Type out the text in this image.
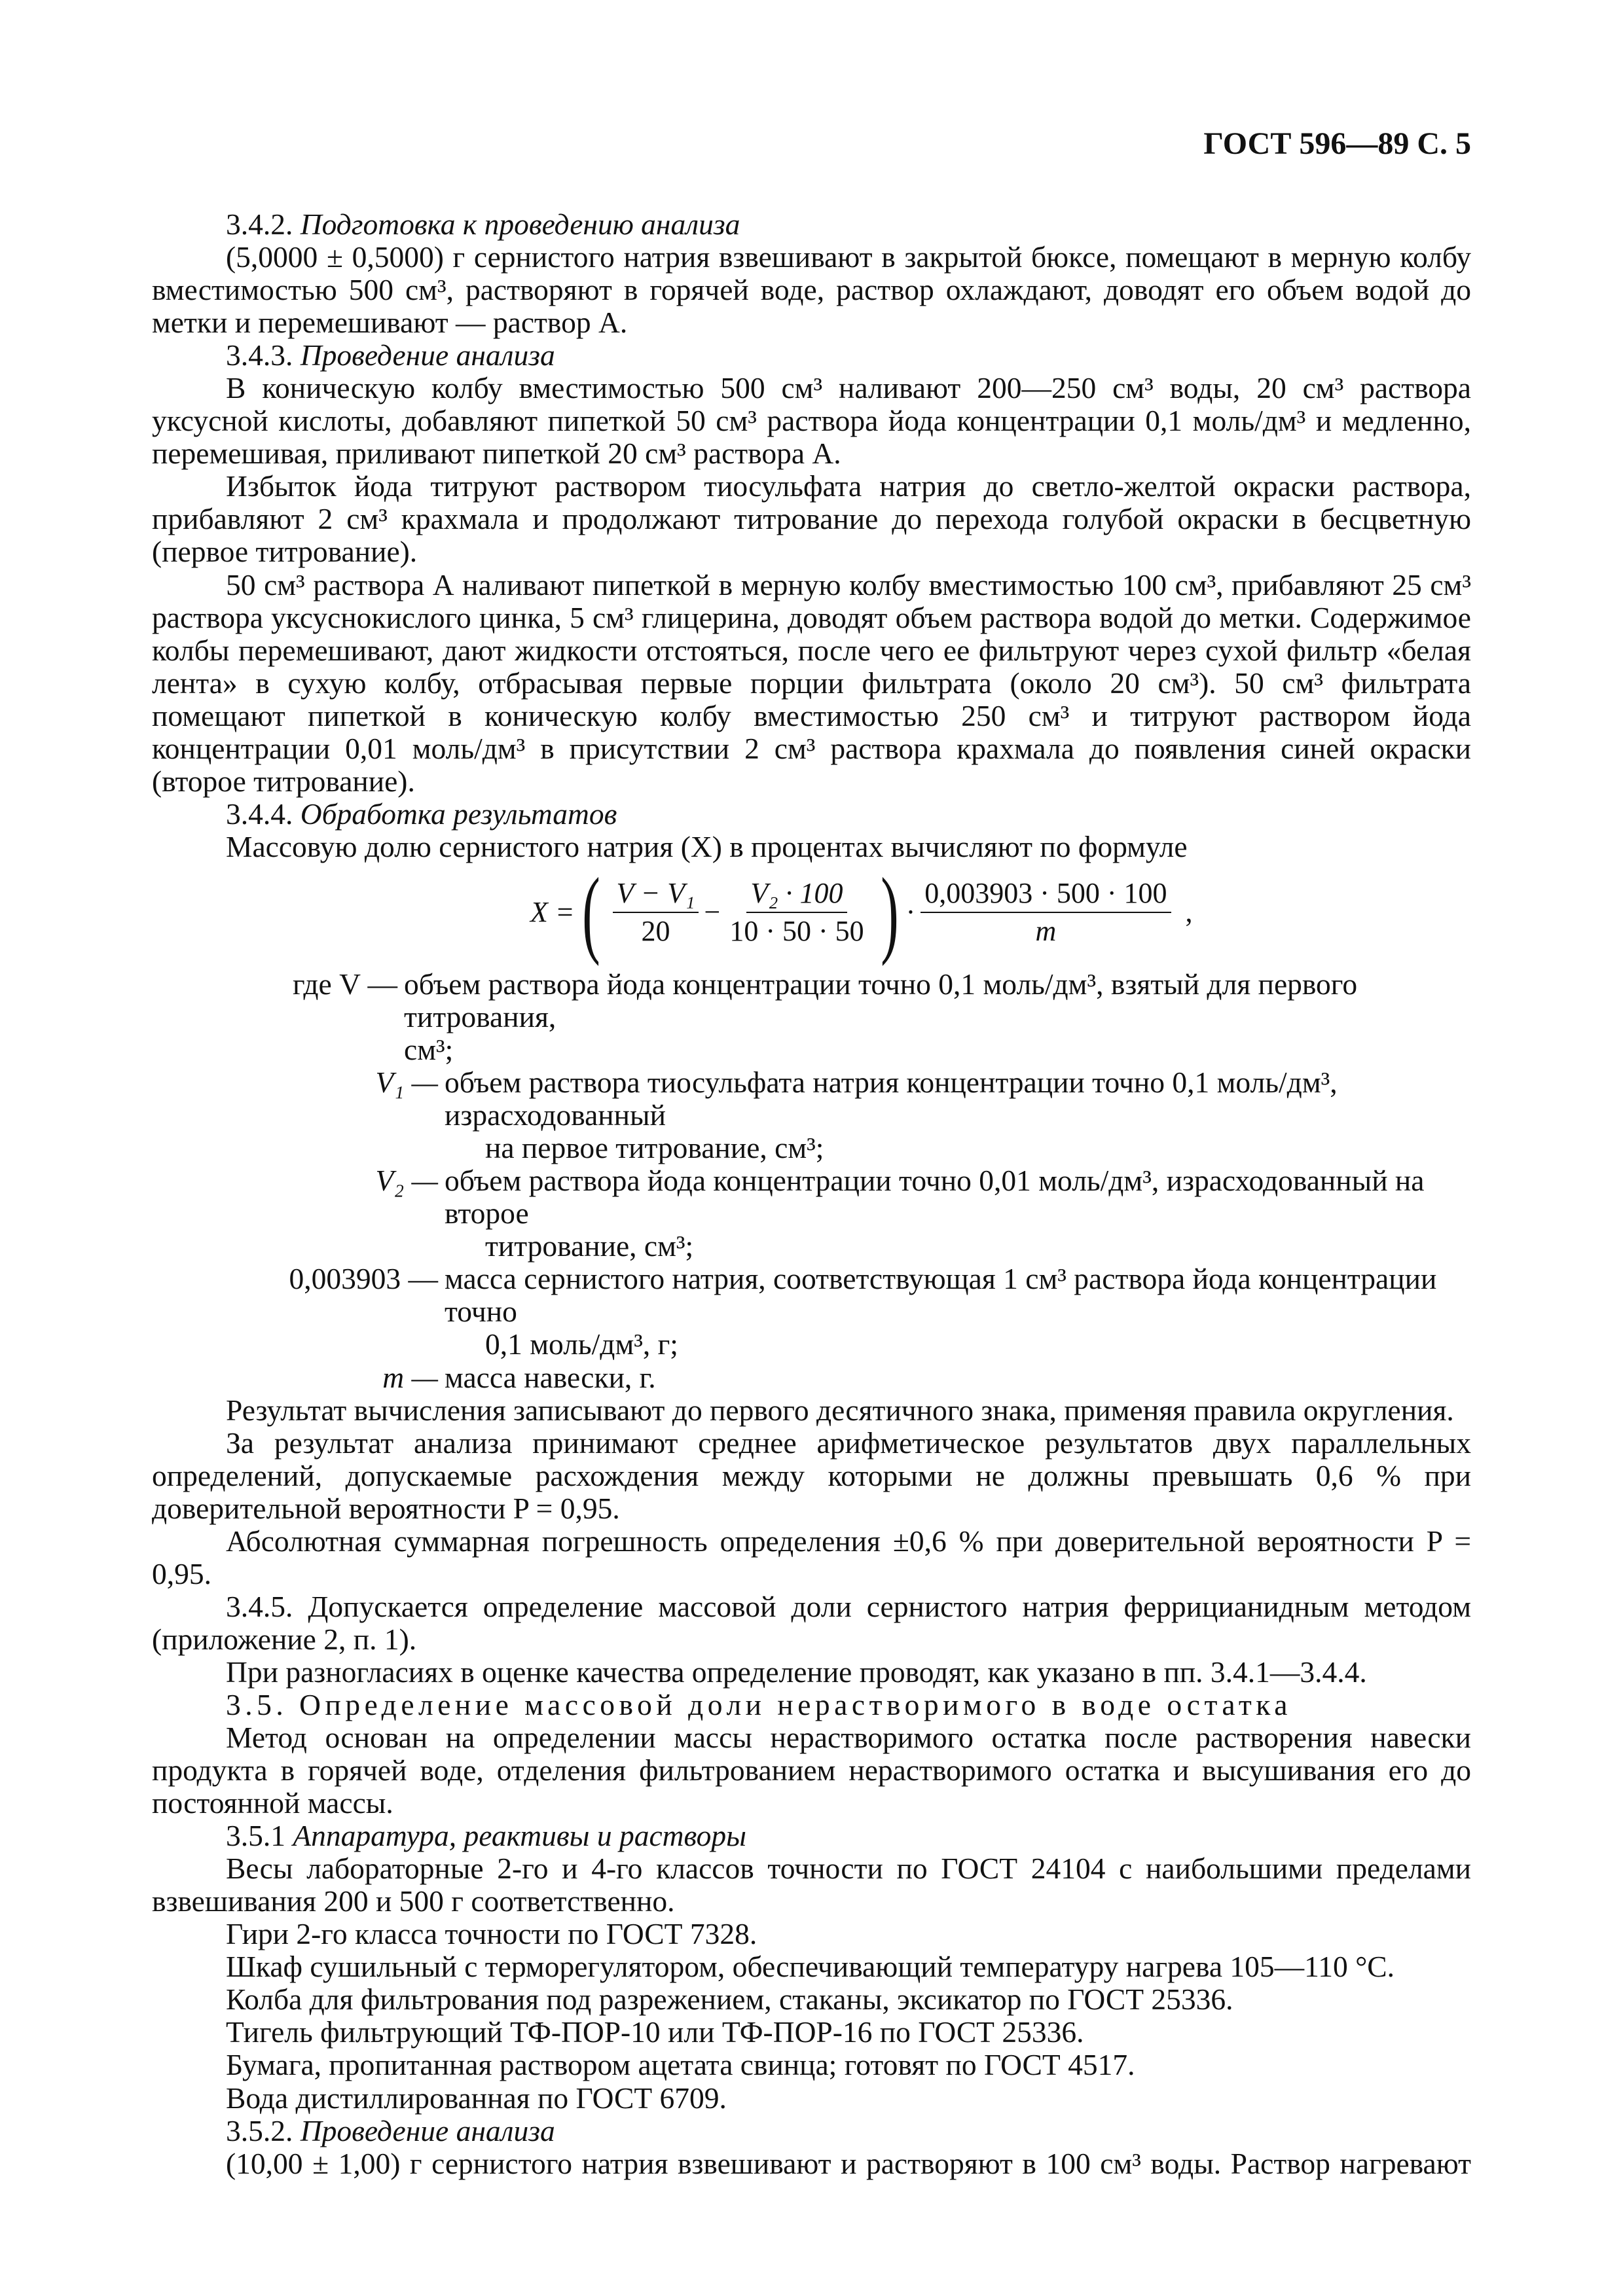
ГОСТ 596—89 С. 5

3.4.2. Подготовка к проведению анализа

(5,0000 ± 0,5000) г сернистого натрия взвешивают в закрытой бюксе, помещают в мерную колбу вместимостью 500 см³, растворяют в горячей воде, раствор охлаждают, доводят его объем водой до метки и перемешивают — раствор А.

3.4.3. Проведение анализа

В коническую колбу вместимостью 500 см³ наливают 200—250 см³ воды, 20 см³ раствора уксусной кислоты, добавляют пипеткой 50 см³ раствора йода концентрации 0,1 моль/дм³ и медленно, перемешивая, приливают пипеткой 20 см³ раствора А.

Избыток йода титруют раствором тиосульфата натрия до светло-желтой окраски раствора, прибавляют 2 см³ крахмала и продолжают титрование до перехода голубой окраски в бесцветную (первое титрование).

50 см³ раствора А наливают пипеткой в мерную колбу вместимостью 100 см³, прибавляют 25 см³ раствора уксуснокислого цинка, 5 см³ глицерина, доводят объем раствора водой до метки. Содержимое колбы перемешивают, дают жидкости отстояться, после чего ее фильтруют через сухой фильтр «белая лента» в сухую колбу, отбрасывая первые порции фильтрата (около 20 см³). 50 см³ фильтрата помещают пипеткой в коническую колбу вместимостью 250 см³ и титруют раствором йода концентрации 0,01 моль/дм³ в присутствии 2 см³ раствора крахмала до появления синей окраски (второе титрование).

3.4.4. Обработка результатов

Массовую долю сернистого натрия (X) в процентах вычисляют по формуле

X = ( $\frac{\text{V − V₁}}{20} - \frac{\text{V₂ · 100}}{10 \cdot 50 \cdot 50}$ ) · $\frac{0,003903 \cdot 500 \cdot 100}{m}$ ,
где V — объем раствора йода концентрации точно 0,1 моль/дм³, взятый для первого титрования,
см³;
V₁ — объем раствора тиосульфата натрия концентрации точно 0,1 моль/дм³, израсходованный
на первое титрование, см³;
V₂ — объем раствора йода концентрации точно 0,01 моль/дм³, израсходованный на второе
титрование, см³;
0,003903 — масса сернистого натрия, соответствующая 1 см³ раствора йода концентрации точно
0,1 моль/дм³, г;
m — масса навески, г.

Результат вычисления записывают до первого десятичного знака, применяя правила округления.

За результат анализа принимают среднее арифметическое результатов двух параллельных определений, допускаемые расхождения между которыми не должны превышать 0,6 % при доверительной вероятности P = 0,95.

Абсолютная суммарная погрешность определения ±0,6 % при доверительной вероятности P = 0,95.

3.4.5. Допускается определение массовой доли сернистого натрия феррицианидным методом (приложение 2, п. 1).

При разногласиях в оценке качества определение проводят, как указано в пп. 3.4.1—3.4.4.

3.5. Определение массовой доли нерастворимого в воде остатка

Метод основан на определении массы нерастворимого остатка после растворения навески продукта в горячей воде, отделения фильтрованием нерастворимого остатка и высушивания его до постоянной массы.

3.5.1 Аппаратура, реактивы и растворы

Весы лабораторные 2-го и 4-го классов точности по ГОСТ 24104 с наибольшими пределами взвешивания 200 и 500 г соответственно.

Гири 2-го класса точности по ГОСТ 7328.

Шкаф сушильный с терморегулятором, обеспечивающий температуру нагрева 105—110 °С.

Колба для фильтрования под разрежением, стаканы, эксикатор по ГОСТ 25336.

Тигель фильтрующий ТФ-ПОР-10 или ТФ-ПОР-16 по ГОСТ 25336.

Бумага, пропитанная раствором ацетата свинца; готовят по ГОСТ 4517.

Вода дистиллированная по ГОСТ 6709.

3.5.2. Проведение анализа

(10,00 ± 1,00) г сернистого натрия взвешивают и растворяют в 100 см³ воды. Раствор нагревают
